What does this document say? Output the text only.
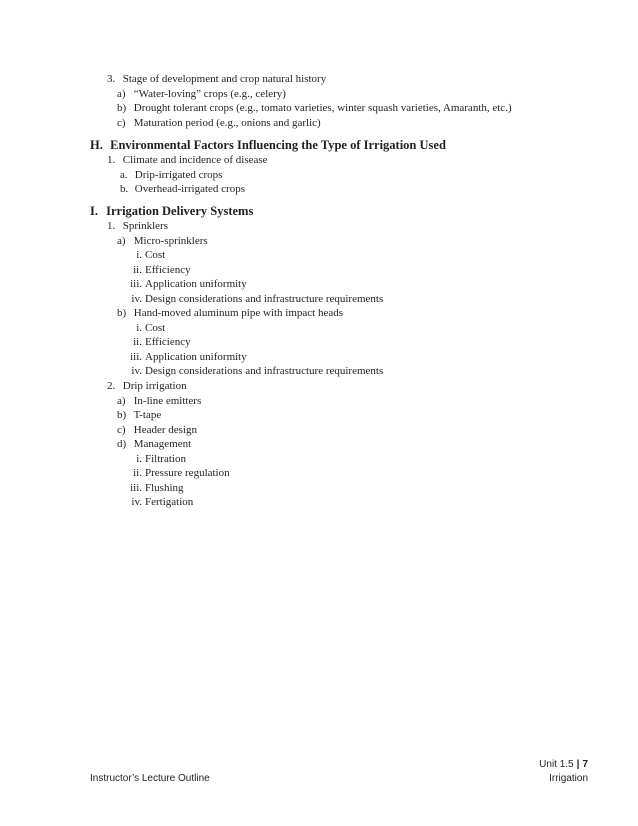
3. Stage of development and crop natural history
a) “Water-loving” crops (e.g., celery)
b) Drought tolerant crops (e.g., tomato varieties, winter squash varieties, Amaranth, etc.)
c) Maturation period (e.g., onions and garlic)
H. Environmental Factors Influencing the Type of Irrigation Used
1. Climate and incidence of disease
a. Drip-irrigated crops
b. Overhead-irrigated crops
I. Irrigation Delivery Systems
1. Sprinklers
a) Micro-sprinklers
i. Cost
ii. Efficiency
iii. Application uniformity
iv. Design considerations and infrastructure requirements
b) Hand-moved aluminum pipe with impact heads
i. Cost
ii. Efficiency
iii. Application uniformity
iv. Design considerations and infrastructure requirements
2. Drip irrigation
a) In-line emitters
b) T-tape
c) Header design
d) Management
i. Filtration
ii. Pressure regulation
iii. Flushing
iv. Fertigation
Unit 1.5 | 7
Instructor’s Lecture Outline	Irrigation
